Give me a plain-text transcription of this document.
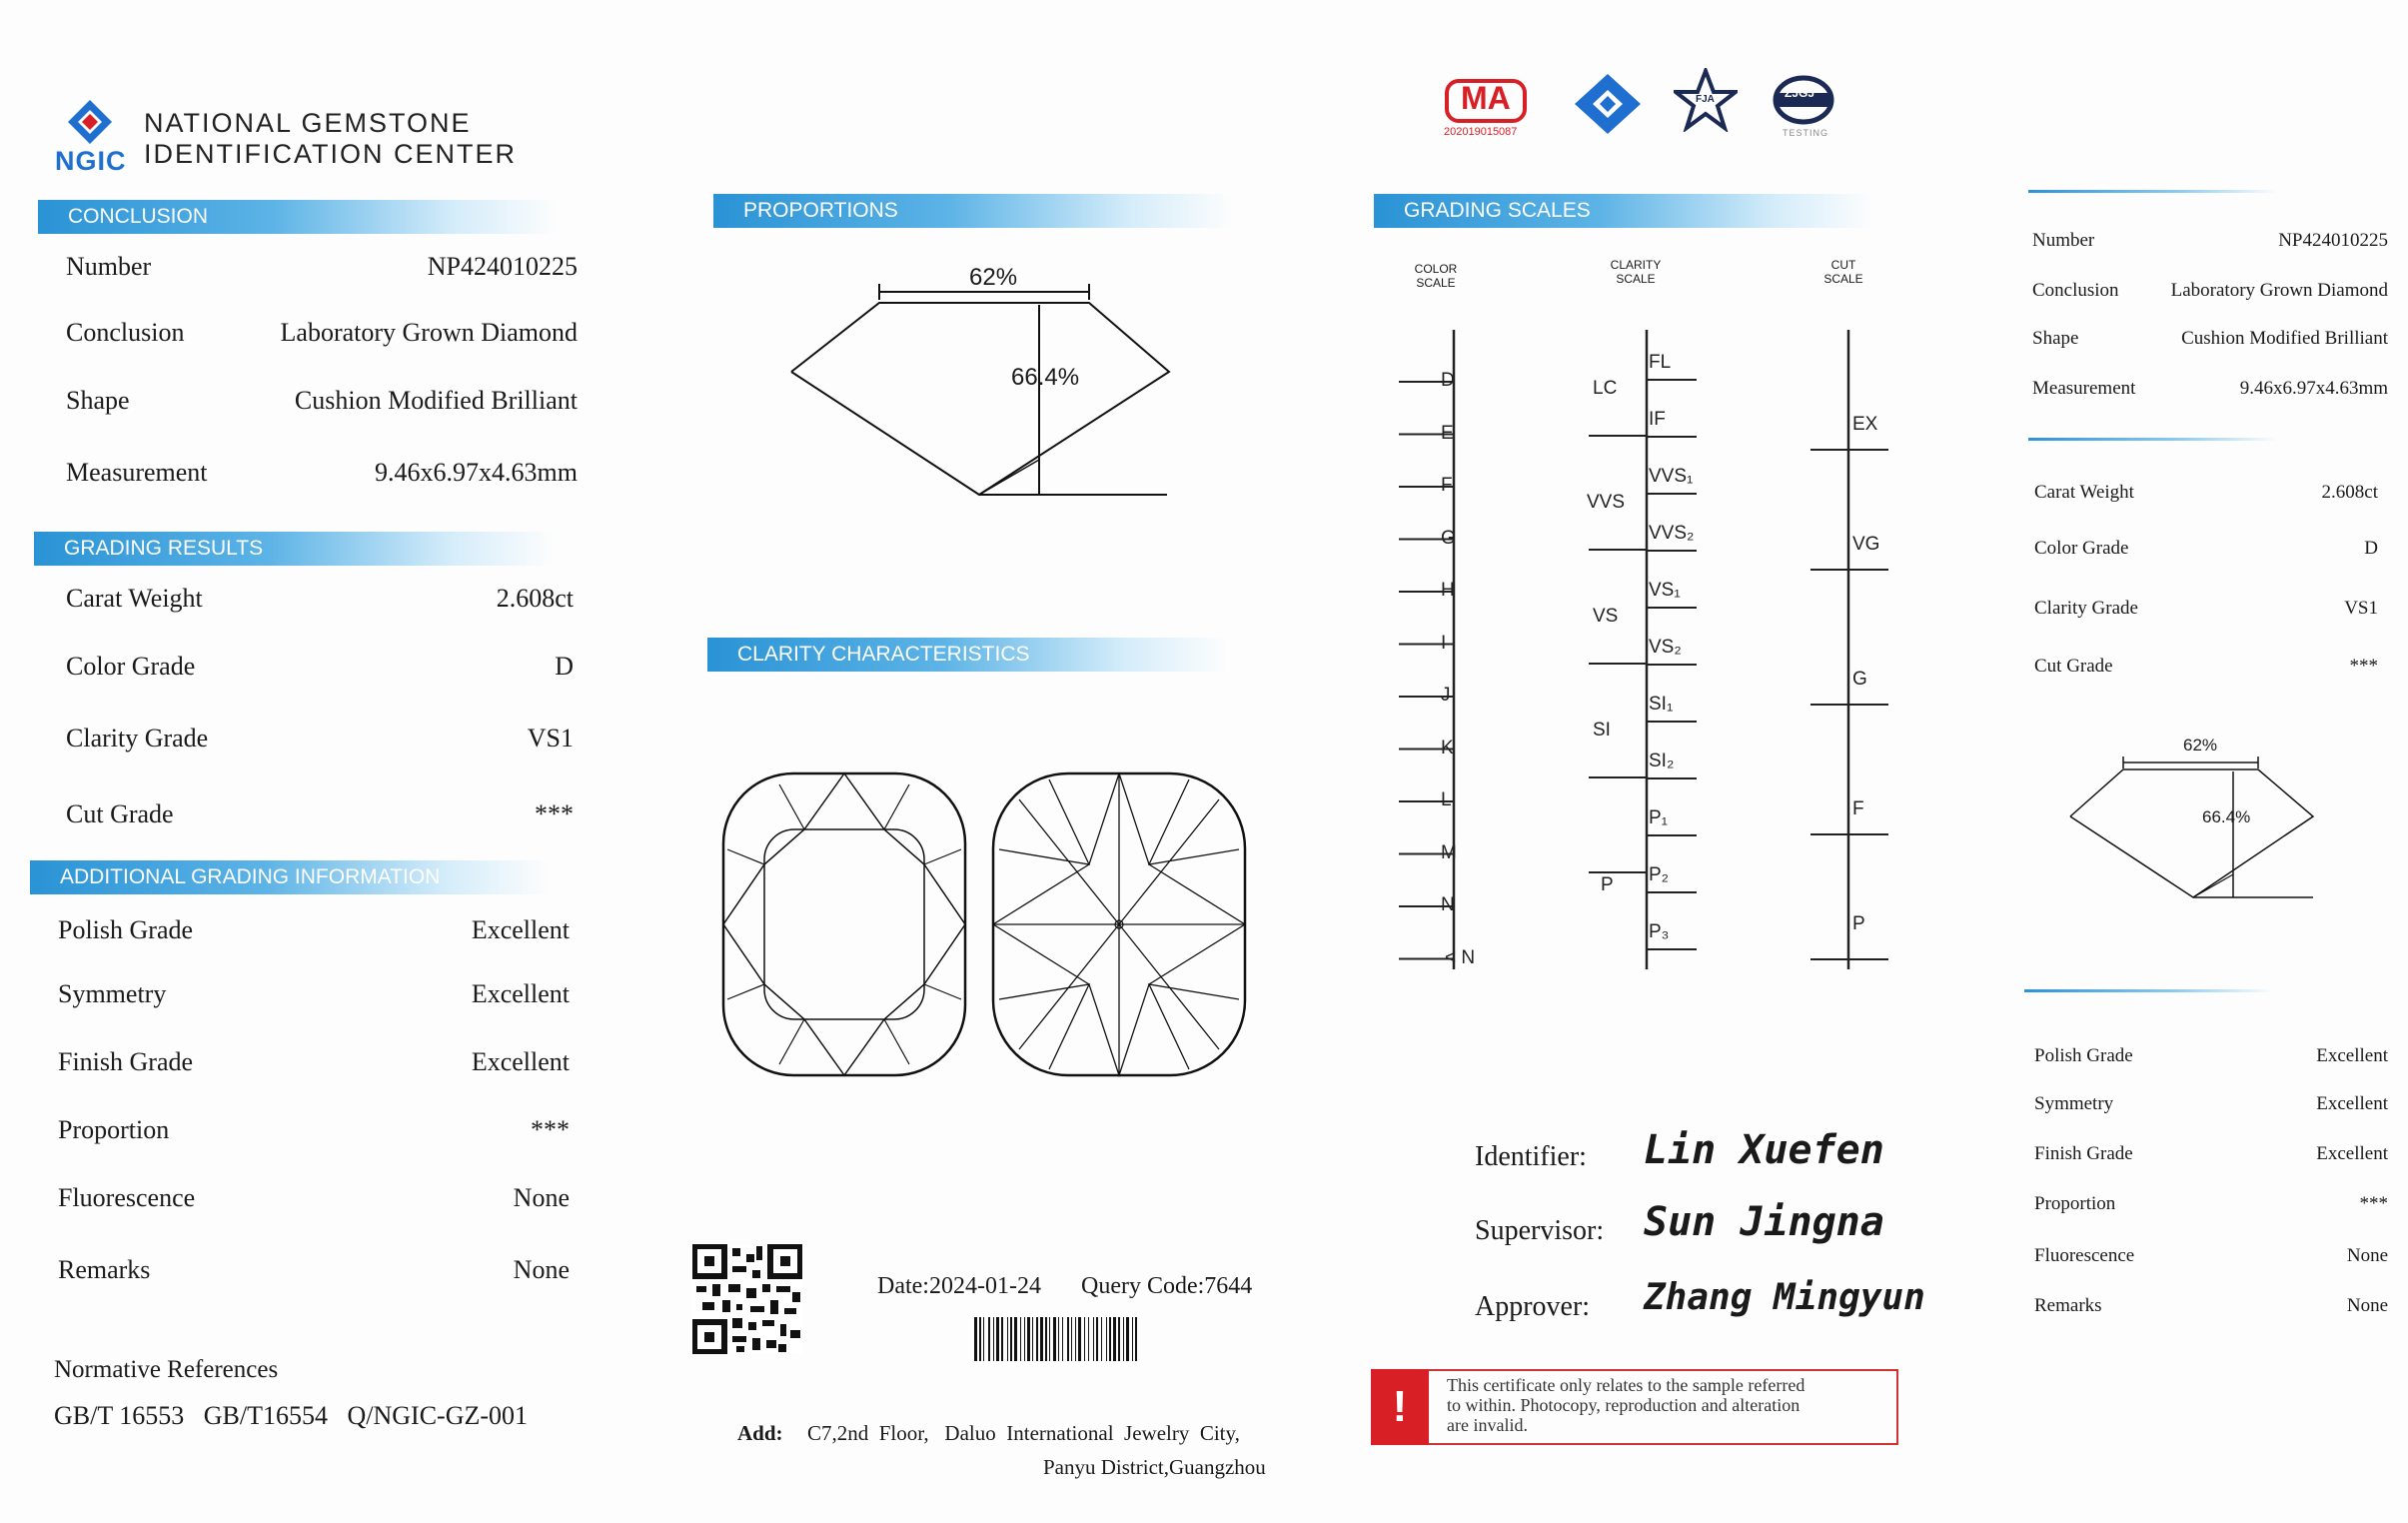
NGIC
NATIONAL GEMSTONE
IDENTIFICATION CENTER
CONCLUSION
Number	NP424010225
Conclusion	Laboratory Grown Diamond
Shape	Cushion Modified Brilliant
Measurement	9.46x6.97x4.63mm
GRADING RESULTS
Carat Weight	2.608ct
Color Grade	D
Clarity Grade	VS1
Cut Grade	***
ADDITIONAL GRADING INFORMATION
Polish Grade	Excellent
Symmetry	Excellent
Finish Grade	Excellent
Proportion	***
Fluorescence	None
Remarks	None
Normative References
GB/T 16553   GB/T16554   Q/NGIC-GZ-001
PROPORTIONS
62%
66.4%
CLARITY CHARACTERISTICS
Date:2024-01-24 Query Code:7644
Add: C7,2nd  Floor,   Daluo  International  Jewelry  City,
Panyu District,Guangzhou
MA
202019015087
FJA	ZJGJ
TESTING
GRADING SCALES
COLOR
SCALE
CLARITY
SCALE
CUT
SCALE
D
E
F
G
H
I
J
K
L
M
N
< N
FL
IF
VVS₁
VVS₂
VS₁
VS₂
SI₁
SI₂
P₁
P₂
P₃
LC
VVS
VS
SI
P
EX
VG
G
F
P
Identifier: Lin Xuefen
Supervisor: Sun Jingna
Approver: Zhang Mingyun
!	This certificate only relates to the sample referred
to within. Photocopy, reproduction and alteration
are invalid.
Number	NP424010225
Conclusion	Laboratory Grown Diamond
Shape	Cushion Modified Brilliant
Measurement	9.46x6.97x4.63mm
Carat Weight	2.608ct
Color Grade	D
Clarity Grade	VS1
Cut Grade	***
62%
66.4%
Polish Grade	Excellent
Symmetry	Excellent
Finish Grade	Excellent
Proportion	***
Fluorescence	None
Remarks	None
